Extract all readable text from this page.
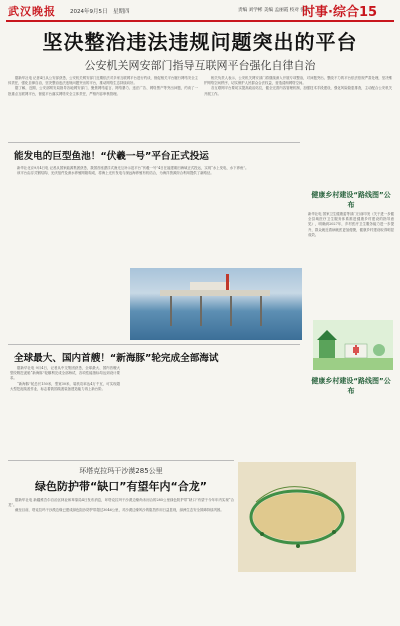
武汉晚报	2024年9月5日　星期四	责编 刘学彬 美编 孟丽霞 校对 张莉
时事·综合15
坚决整治违法违规问题突出的平台
公安机关网安部门指导互联网平台强化自律自治

据新华社电 记者4日从公安部获悉，公安机关网安部门近期依法对多家互联网平台进行约谈，督促相关平台履行网络安全主体责任，强化自律自治，坚决整治违法违规问题突出的平台，推动网络生态持续向好。

据了解，近期，公安部网安局指导各地网安部门，聚焦网络谣言、网络暴力、违法广告、网络黑产等突出问题，约谈了一批重点互联网平台，督促平台落实网络安全主体责任，严格内容审核管理。

相关负责人表示，公安机关网安部门将继续深入开展专项整治，对问题突出、整改不力的平台依法依规严肃处理，坚决维护网络空间秩序，切实保护人民群众合法权益，营造清朗网络空间。

各互联网平台要切实提高政治站位，健全完善内容管理机制，加强技术手段建设，强化风险隐患排查，主动配合公安机关开展工作。

能发电的巨型鱼池！“伏羲一号”平台正式投运

新华社北京9月4日电 记者从国家能源集团获悉，我国首座漂浮式渔光互补示范平台“伏羲一号”4日在福建莆田海域正式投运，实现“水上发电、水下养鱼”。

该平台由浮式钢结构、光伏组件及深水养殖网箱构成，将海上光伏发电与深远海养殖有机结合，为海洋资源综合利用提供了新路径。

全球最大、国内首艘！“新海豚”轮完成全部海试

据新华社电 9月4日，记者从中交集团获悉，全球最大、国内首艘大型绞吸挖泥船“新海豚”轮顺利完成全部海试，各项性能指标均达到设计要求。

“新海豚”轮总长150米，型宽30米，装机功率达4万千瓦，可实现超大型挖泥疏浚作业，标志着我国疏浚装备建造能力再上新台阶。

健康乡村建设“路线图”公布
新华社电 国家卫生健康委等部门日前印发《关于进一步健全县域医疗卫生服务体系推进健康乡村建设的指导意见》，明确到2027年，乡村医疗卫生服务能力进一步提升，群众就近看病就医更加便捷，健康乡村建设取得明显成效。
健康乡村建设“路线图”公布
环塔克拉玛干沙漠285公里
绿色防护带“缺口”有望年内“合龙”

据新华社电 新疆维吾尔自治区林业和草原局4日发布消息，环塔克拉玛干沙漠边缘尚未闭合的285公里绿色防护带“缺口”有望于今年年内实现“合龙”。

截至目前，塔克拉玛干沙漠边缘已建成绿色阻沙防护带超过3046公里，对沙漠边缘风沙的阻挡作用日益显现，绿洲生态安全屏障持续巩固。
